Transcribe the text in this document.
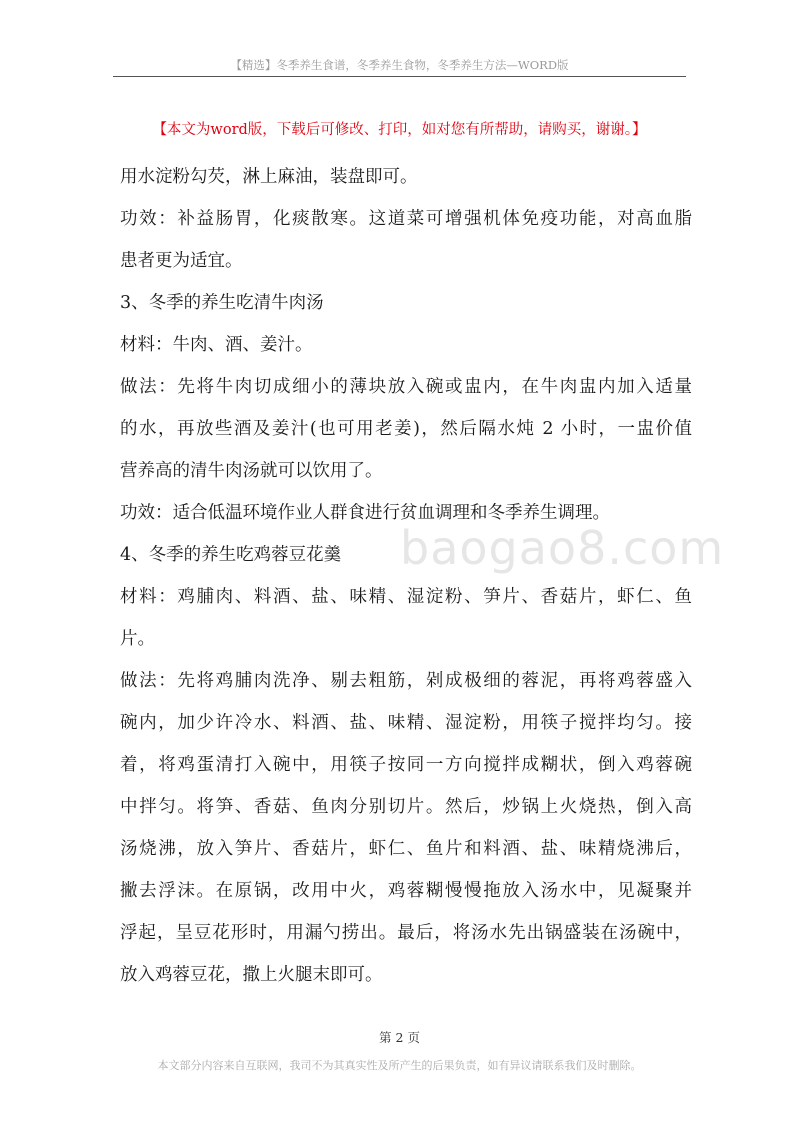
【精选】冬季养生食谱，冬季养生食物，冬季养生方法—WORD版
【本文为word版，下载后可修改、打印，如对您有所帮助，请购买，谢谢。】
baogao8.com
用水淀粉勾芡，淋上麻油，装盘即可。
功效：补益肠胃，化痰散寒。这道菜可增强机体免疫功能，对高血脂
患者更为适宜。
3、冬季的养生吃清牛肉汤
材料：牛肉、酒、姜汁。
做法：先将牛肉切成细小的薄块放入碗或盅内，在牛肉盅内加入适量
的水，再放些酒及姜汁(也可用老姜)，然后隔水炖 2 小时，一盅价值
营养高的清牛肉汤就可以饮用了。
功效：适合低温环境作业人群食进行贫血调理和冬季养生调理。
4、冬季的养生吃鸡蓉豆花羹
材料：鸡脯肉、料酒、盐、味精、湿淀粉、笋片、香菇片，虾仁、鱼
片。
做法：先将鸡脯肉洗净、剔去粗筋，剁成极细的蓉泥，再将鸡蓉盛入
碗内，加少许冷水、料酒、盐、味精、湿淀粉，用筷子搅拌均匀。接
着，将鸡蛋清打入碗中，用筷子按同一方向搅拌成糊状，倒入鸡蓉碗
中拌匀。将笋、香菇、鱼肉分别切片。然后，炒锅上火烧热，倒入高
汤烧沸，放入笋片、香菇片，虾仁、鱼片和料酒、盐、味精烧沸后，
撇去浮沫。在原锅，改用中火，鸡蓉糊慢慢拖放入汤水中，见凝聚并
浮起，呈豆花形时，用漏勺捞出。最后，将汤水先出锅盛装在汤碗中，
放入鸡蓉豆花，撒上火腿末即可。
第 2 页
本文部分内容来自互联网，我司不为其真实性及所产生的后果负责，如有异议请联系我们及时删除。
